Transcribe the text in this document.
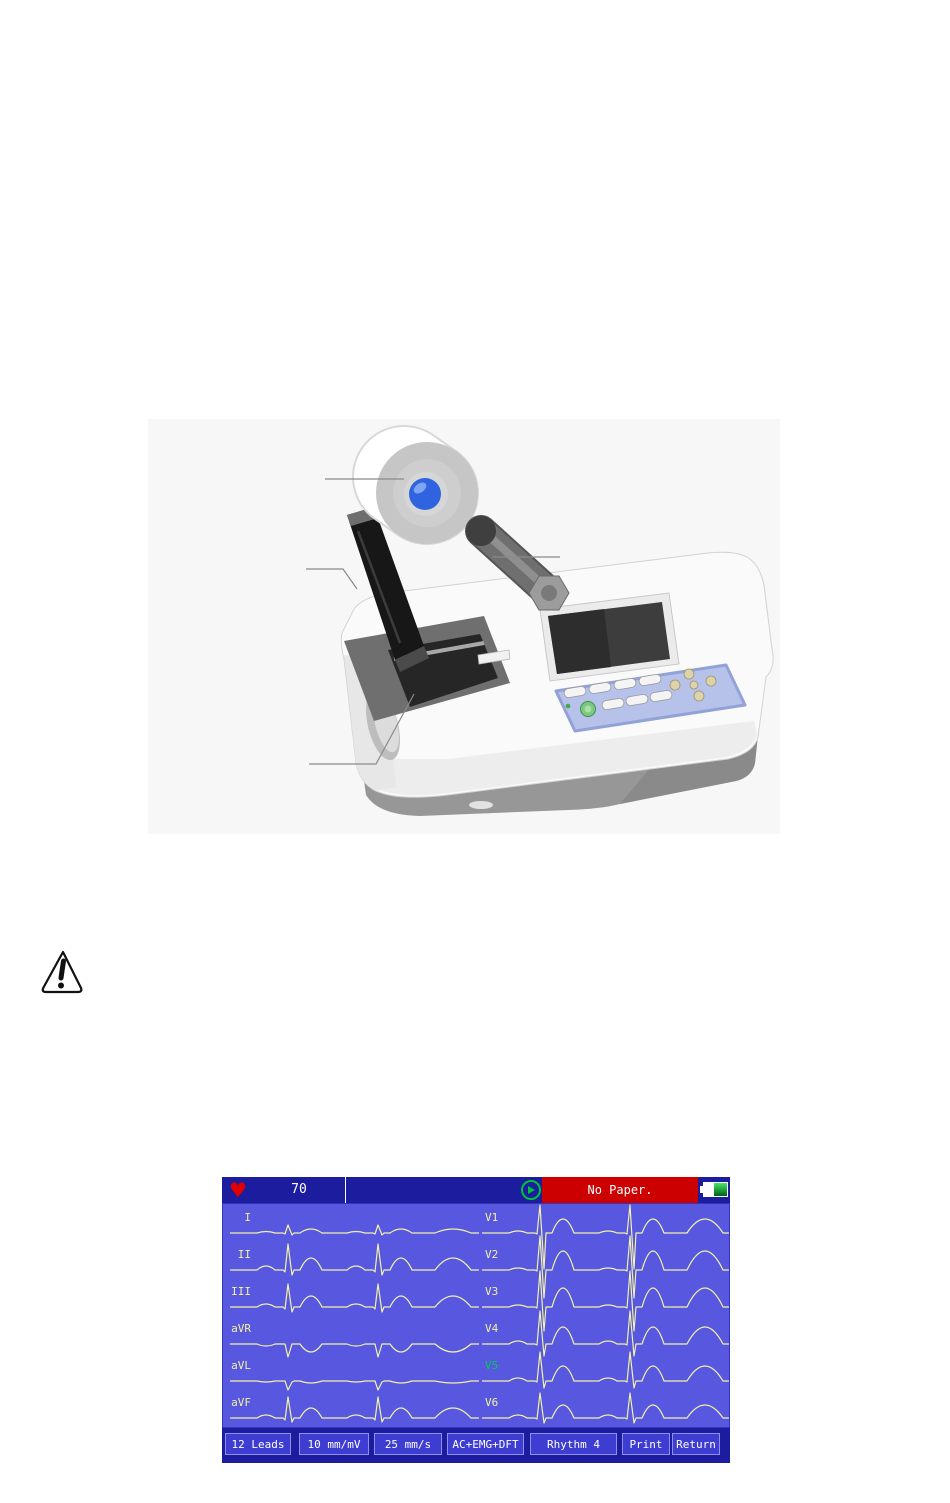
♥	70	No Paper.
I
II
III
aVR
aVL
aVF
V1
V2
V3
V4
V5
V6
12 Leads	10 mm/mV	25 mm/s	AC+EMG+DFT	Rhythm 4	Print	Return
